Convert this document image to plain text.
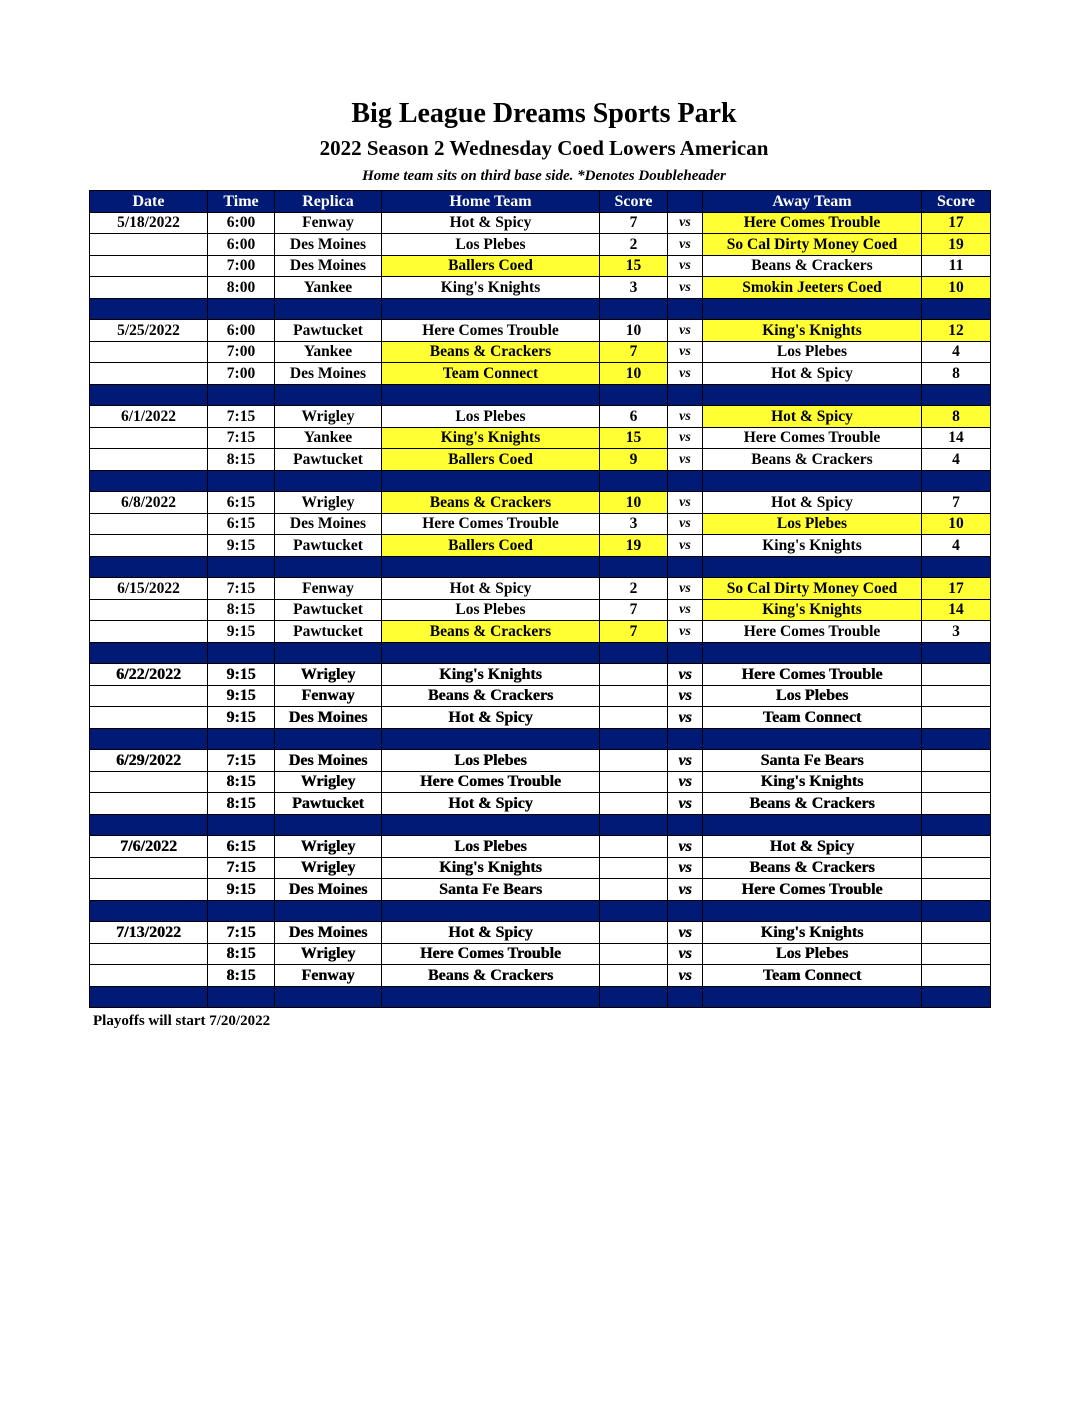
Big League Dreams Sports Park
2022 Season 2 Wednesday Coed Lowers American
Home team sits on third base side. *Denotes Doubleheader
Date	Time	Replica	Home Team	Score		Away Team	Score
5/18/2022	6:00	Fenway	Hot & Spicy	7	vs	Here Comes Trouble	17
	6:00	Des Moines	Los Plebes	2	vs	So Cal Dirty Money Coed	19
	7:00	Des Moines	Ballers Coed	15	vs	Beans & Crackers	11
	8:00	Yankee	King's Knights	3	vs	Smokin Jeeters Coed	10

5/25/2022	6:00	Pawtucket	Here Comes Trouble	10	vs	King's Knights	12
	7:00	Yankee	Beans & Crackers	7	vs	Los Plebes	4
	7:00	Des Moines	Team Connect	10	vs	Hot & Spicy	8

6/1/2022	7:15	Wrigley	Los Plebes	6	vs	Hot & Spicy	8
	7:15	Yankee	King's Knights	15	vs	Here Comes Trouble	14
	8:15	Pawtucket	Ballers Coed	9	vs	Beans & Crackers	4

6/8/2022	6:15	Wrigley	Beans & Crackers	10	vs	Hot & Spicy	7
	6:15	Des Moines	Here Comes Trouble	3	vs	Los Plebes	10
	9:15	Pawtucket	Ballers Coed	19	vs	King's Knights	4

6/15/2022	7:15	Fenway	Hot & Spicy	2	vs	So Cal Dirty Money Coed	17
	8:15	Pawtucket	Los Plebes	7	vs	King's Knights	14
	9:15	Pawtucket	Beans & Crackers	7	vs	Here Comes Trouble	3

6/22/2022	9:15	Wrigley	King's Knights		vs	Here Comes Trouble	
	9:15	Fenway	Beans & Crackers		vs	Los Plebes	
	9:15	Des Moines	Hot & Spicy		vs	Team Connect	

6/29/2022	7:15	Des Moines	Los Plebes		vs	Santa Fe Bears	
	8:15	Wrigley	Here Comes Trouble		vs	King's Knights	
	8:15	Pawtucket	Hot & Spicy		vs	Beans & Crackers	

7/6/2022	6:15	Wrigley	Los Plebes		vs	Hot & Spicy	
	7:15	Wrigley	King's Knights		vs	Beans & Crackers	
	9:15	Des Moines	Santa Fe Bears		vs	Here Comes Trouble	

7/13/2022	7:15	Des Moines	Hot & Spicy		vs	King's Knights	
	8:15	Wrigley	Here Comes Trouble		vs	Los Plebes	
	8:15	Fenway	Beans & Crackers		vs	Team Connect	

Playoffs will start 7/20/2022
